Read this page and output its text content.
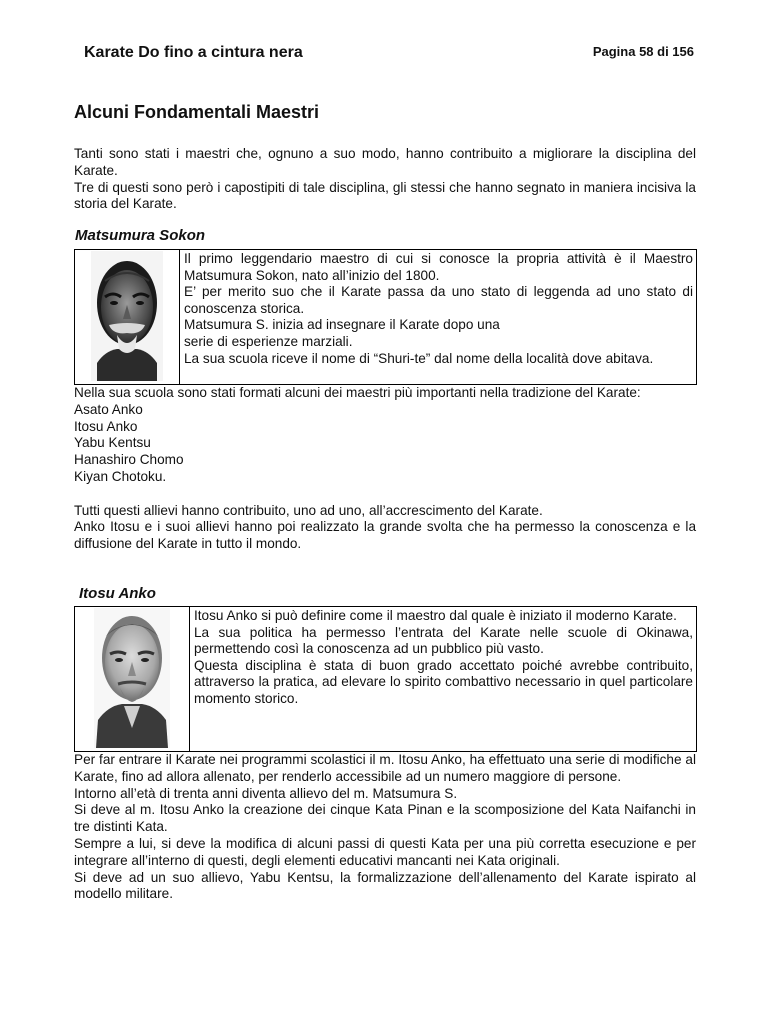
Karate Do fino a cintura nera	Pagina 58 di 156
Alcuni Fondamentali Maestri

Tanti sono stati i maestri che, ognuno a suo modo, hanno contribuito a migliorare la disciplina del Karate.

Tre di questi sono però i capostipiti di tale disciplina, gli stessi che hanno segnato in maniera incisiva la storia del Karate.

Matsumura Sokon

Il primo leggendario maestro di cui si conosce la propria attività è il Maestro Matsumura Sokon, nato all’inizio del 1800.

E’ per merito suo che il Karate passa da uno stato di leggenda ad uno stato di conoscenza storica.

Matsumura S. inizia ad insegnare il Karate dopo una

serie di esperienze marziali.

La sua scuola riceve il nome di “Shuri-te” dal nome della località dove abitava.

Nella sua scuola sono stati formati alcuni dei maestri più importanti nella tradizione del Karate:

Asato Anko

Itosu Anko

Yabu Kentsu

Hanashiro Chomo

Kiyan Chotoku.

Tutti questi allievi hanno contribuito, uno ad uno, all’accrescimento del Karate.

Anko Itosu e i suoi allievi hanno poi realizzato la grande svolta che ha permesso la conoscenza e la diffusione del Karate in tutto il mondo.

Itosu Anko

Itosu Anko si può definire come il maestro dal quale è iniziato il moderno Karate.

La sua politica ha permesso l’entrata del Karate nelle scuole di Okinawa, permettendo così la conoscenza ad un pubblico più vasto.

Questa disciplina è stata di buon grado accettato poiché avrebbe contribuito, attraverso la pratica, ad elevare lo spirito combattivo necessario in quel particolare momento storico.

Per far entrare il Karate nei programmi scolastici il m. Itosu Anko, ha effettuato una serie di modifiche al Karate, fino ad allora allenato, per renderlo accessibile ad un numero maggiore di persone.

Intorno all’età di trenta anni diventa allievo del m. Matsumura S.

Si deve al m. Itosu Anko la creazione dei cinque Kata Pinan e la scomposizione del Kata Naifanchi in tre distinti Kata.

Sempre a lui, si deve la modifica di alcuni passi di questi Kata per una più corretta esecuzione e per integrare all’interno di questi, degli elementi educativi mancanti nei Kata originali.

Si deve ad un suo allievo, Yabu Kentsu, la formalizzazione dell’allenamento del Karate ispirato al modello militare.
